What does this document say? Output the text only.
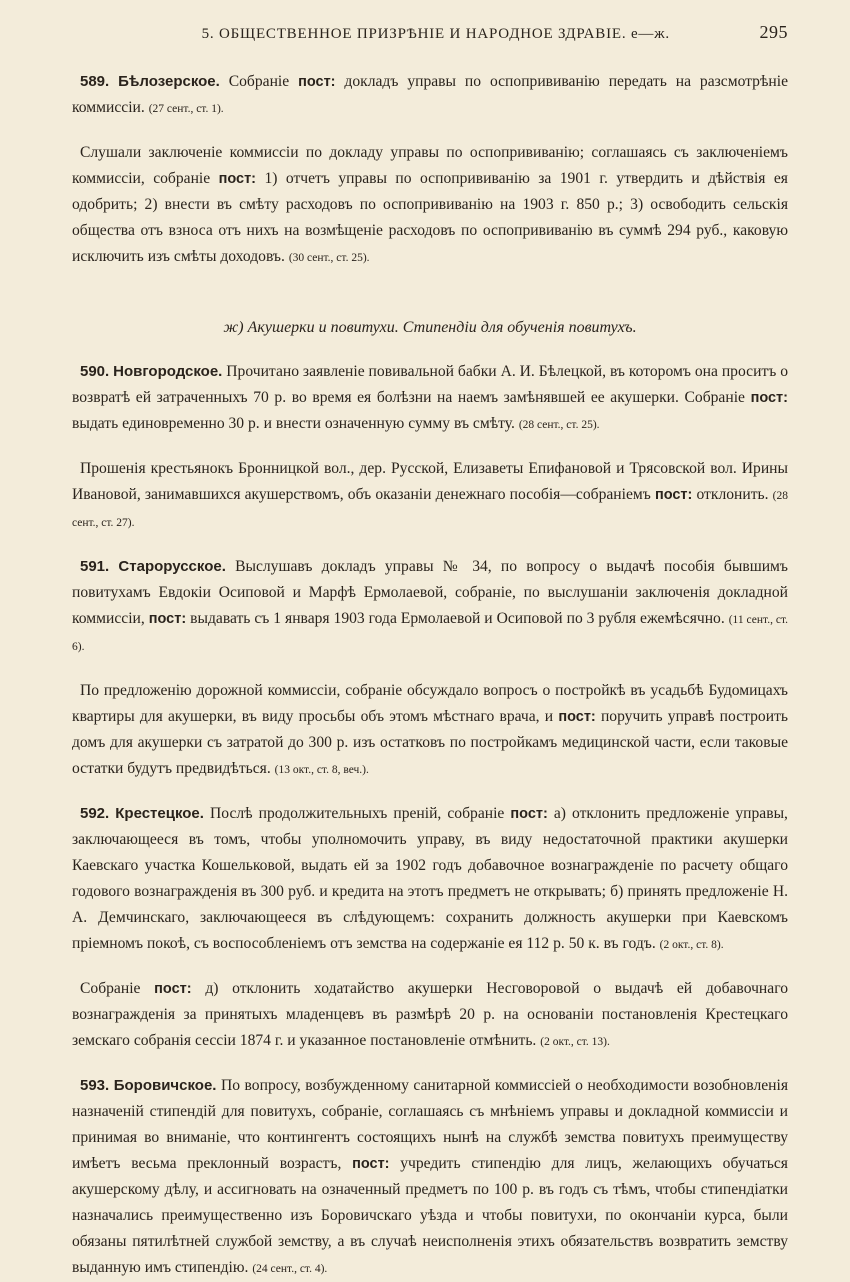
5. ОБЩЕСТВЕННОЕ ПРИЗРѢНІЕ И НАРОДНОЕ ЗДРАВІЕ. е—ж.	295

589. Бѣлозерское. Собраніе пост: докладъ управы по оспопрививанію передать на разсмотрѣніе коммиссіи. (27 сент., ст. 1).

Слушали заключеніе коммиссіи по докладу управы по оспопрививанію; соглашаясь съ заключеніемъ коммиссіи, собраніе пост: 1) отчетъ управы по оспопрививанію за 1901 г. утвердить и дѣйствія ея одобрить; 2) внести въ смѣту расходовъ по оспопрививанію на 1903 г. 850 р.; 3) освободить сельскія общества отъ взноса отъ нихъ на возмѣщеніе расходовъ по оспопрививанію въ суммѣ 294 руб., каковую исключить изъ смѣты доходовъ. (30 сент., ст. 25).

ж) Акушерки и повитухи. Стипендіи для обученія повитухъ.

590. Новгородское. Прочитано заявленіе повивальной бабки А. И. Бѣлецкой, въ которомъ она проситъ о возвратѣ ей затраченныхъ 70 р. во время ея болѣзни на наемъ замѣнявшей ее акушерки. Собраніе пост: выдать единовременно 30 р. и внести означенную сумму въ смѣту. (28 сент., ст. 25).

Прошенія крестьянокъ Бронницкой вол., дер. Русской, Елизаветы Епифановой и Трясовской вол. Ирины Ивановой, занимавшихся акушерствомъ, объ оказаніи денежнаго пособія—собраніемъ пост: отклонить. (28 сент., ст. 27).

591. Старорусское. Выслушавъ докладъ управы № 34, по вопросу о выдачѣ пособія бывшимъ повитухамъ Евдокіи Осиповой и Марфѣ Ермолаевой, собраніе, по выслушаніи заключенія докладной коммиссіи, пост: выдавать съ 1 января 1903 года Ермолаевой и Осиповой по 3 рубля ежемѣсячно. (11 сент., ст. 6).

По предложенію дорожной коммиссіи, собраніе обсуждало вопросъ о постройкѣ въ усадьбѣ Будомицахъ квартиры для акушерки, въ виду просьбы объ этомъ мѣстнаго врача, и пост: поручить управѣ построить домъ для акушерки съ затратой до 300 р. изъ остатковъ по постройкамъ медицинской части, если таковые остатки будутъ предвидѣться. (13 окт., ст. 8, веч.).

592. Крестецкое. Послѣ продолжительныхъ преній, собраніе пост: а) отклонить предложеніе управы, заключающееся въ томъ, чтобы уполномочить управу, въ виду недостаточной практики акушерки Каевскаго участка Кошельковой, выдать ей за 1902 годъ добавочное вознагражденіе по расчету общаго годового вознагражденія въ 300 руб. и кредита на этотъ предметъ не открывать; б) принять предложеніе Н. А. Демчинскаго, заключающееся въ слѣдующемъ: сохранить должность акушерки при Каевскомъ пріемномъ покоѣ, съ воспособленіемъ отъ земства на содержаніе ея 112 р. 50 к. въ годъ. (2 окт., ст. 8).

Собраніе пост: д) отклонить ходатайство акушерки Несговоровой о выдачѣ ей добавочнаго вознагражденія за принятыхъ младенцевъ въ размѣрѣ 20 р. на основаніи постановленія Крестецкаго земскаго собранія сессіи 1874 г. и указанное постановленіе отмѣнить. (2 окт., ст. 13).

593. Боровичское. По вопросу, возбужденному санитарной коммиссіей о необходимости возобновленія назначеній стипендій для повитухъ, собраніе, соглашаясь съ мнѣніемъ управы и докладной коммиссіи и принимая во вниманіе, что контингентъ состоящихъ нынѣ на службѣ земства повитухъ преимуществу имѣетъ весьма преклонный возрастъ, пост: учредить стипендію для лицъ, желающихъ обучаться акушерскому дѣлу, и ассигновать на означенный предметъ по 100 р. въ годъ съ тѣмъ, чтобы стипендіатки назначались преимущественно изъ Боровичскаго уѣзда и чтобы повитухи, по окончаніи курса, были обязаны пятилѣтней службой земству, а въ случаѣ неисполненія этихъ обязательствъ возвратить земству выданную имъ стипендію. (24 сент., ст. 4).
